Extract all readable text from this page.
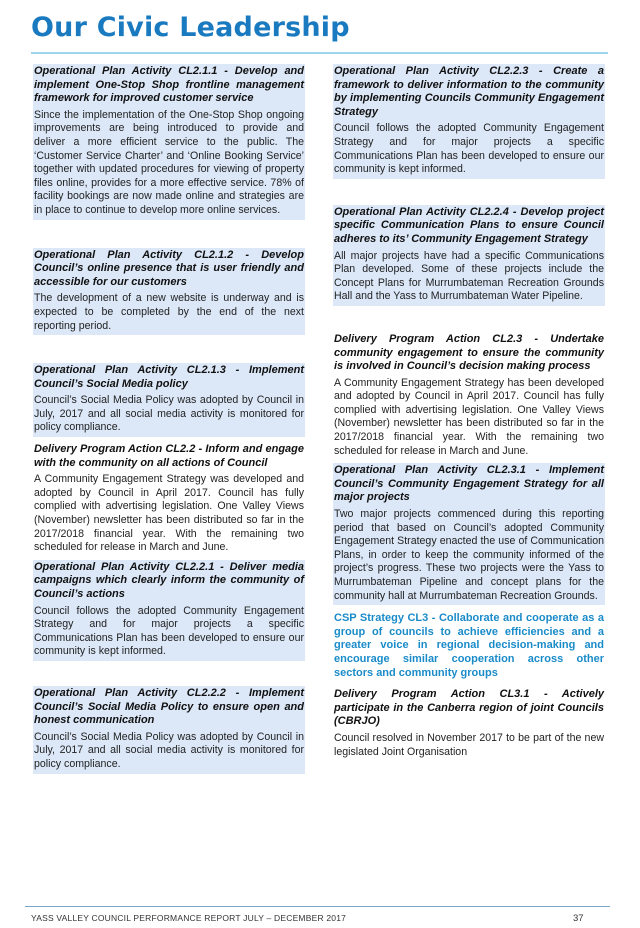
Our Civic Leadership
Operational Plan Activity CL2.1.1 - Develop and implement One-Stop Shop frontline management framework for improved customer service
Since the implementation of the One-Stop Shop ongoing improvements are being introduced to provide and deliver a more efficient service to the public. The ‘Customer Service Charter’ and ‘Online Booking Service’ together with updated procedures for viewing of property files online, provides for a more effective service. 78% of facility bookings are now made online and strategies are in place to continue to develop more online services.
Operational Plan Activity CL2.1.2 - Develop Council’s online presence that is user friendly and accessible for our customers
The development of a new website is underway and is expected to be completed by the end of the next reporting period.
Operational Plan Activity CL2.1.3 - Implement Council’s Social Media policy
Council’s Social Media Policy was adopted by Council in July, 2017 and all social media activity is monitored for policy compliance.
Delivery Program Action CL2.2 - Inform and engage with the community on all actions of Council
A Community Engagement Strategy was developed and adopted by Council in April 2017. Council has fully complied with advertising legislation. One Valley Views (November) newsletter has been distributed so far in the 2017/2018 financial year. With the remaining two scheduled for release in March and June.
Operational Plan Activity CL2.2.1 - Deliver media campaigns which clearly inform the community of Council’s actions
Council follows the adopted Community Engagement Strategy and for major projects a specific Communications Plan has been developed to ensure our community is kept informed.
Operational Plan Activity CL2.2.2 - Implement Council’s Social Media Policy to ensure open and honest communication
Council’s Social Media Policy was adopted by Council in July, 2017 and all social media activity is monitored for policy compliance.
Operational Plan Activity CL2.2.3 - Create a framework to deliver information to the community by implementing Councils Community Engagement Strategy
Council follows the adopted Community Engagement Strategy and for major projects a specific Communications Plan has been developed to ensure our community is kept informed.
Operational Plan Activity CL2.2.4 - Develop project specific Communication Plans to ensure Council adheres to its’ Community Engagement Strategy
All major projects have had a specific Communications Plan developed. Some of these projects include the Concept Plans for Murrumbateman Recreation Grounds Hall and the Yass to Murrumbateman Water Pipeline.
Delivery Program Action CL2.3 - Undertake community engagement to ensure the community is involved in Council’s decision making process
A Community Engagement Strategy has been developed and adopted by Council in April 2017. Council has fully complied with advertising legislation. One Valley Views (November) newsletter has been distributed so far in the 2017/2018 financial year. With the remaining two scheduled for release in March and June.
Operational Plan Activity CL2.3.1 - Implement Council’s Community Engagement Strategy for all major projects
Two major projects commenced during this reporting period that based on Council’s adopted Community Engagement Strategy enacted the use of Communication Plans, in order to keep the community informed of the project’s progress. These two projects were the Yass to Murrumbateman Pipeline and concept plans for the community hall at Murrumbateman Recreation Grounds.
CSP Strategy CL3 - Collaborate and cooperate as a group of councils to achieve efficiencies and a greater voice in regional decision-making and encourage similar cooperation across other sectors and community groups
Delivery Program Action CL3.1 - Actively participate in the Canberra region of joint Councils (CBRJO)
Council resolved in November 2017 to be part of the new legislated Joint Organisation
YASS VALLEY COUNCIL PERFORMANCE REPORT JULY – DECEMBER 2017	37
